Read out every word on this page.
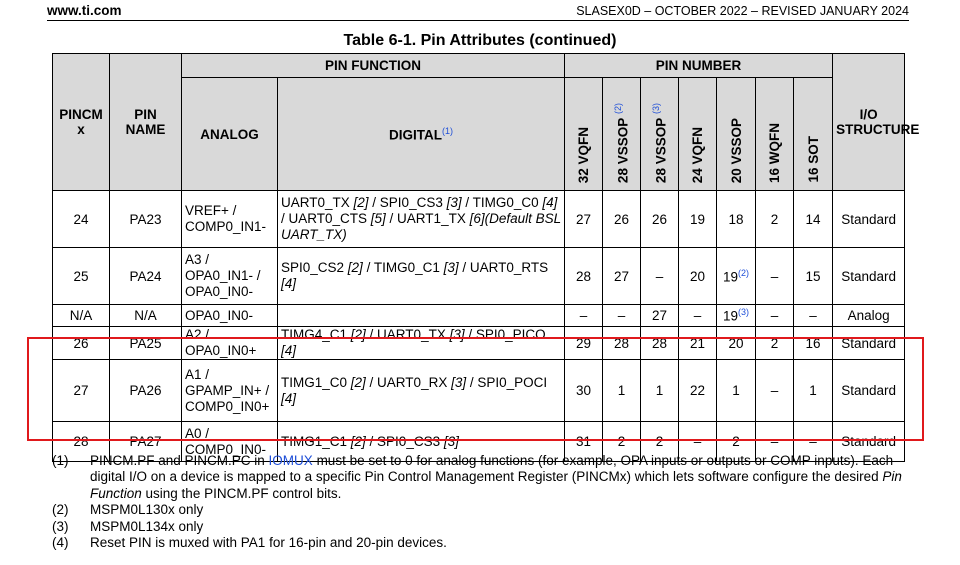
www.ti.com	SLASEX0D – OCTOBER 2022 – REVISED JANUARY 2024
Table 6-1. Pin Attributes (continued)
PINCM x	PIN NAME	PIN FUNCTION		PIN NUMBER							I/O STRUCTURE
		ANALOG	DIGITAL$^{(1)}$	32 VQFN	28 VSSOP $^{(2)}$	28 VSSOP $^{(3)}$	24 VQFN	20 VSSOP	16 WQFN	16 SOT	
24	PA23	VREF+ / COMP0_IN1-	UART0_TX [2] / SPI0_CS3 [3] / TIMG0_C0 [4] / UART0_CTS [5] / UART1_TX [6](Default BSL UART_TX)	27	26	26	19	18	2	14	Standard
25	PA24	A3 / OPA0_IN1- / OPA0_IN0-	SPI0_CS2 [2] / TIMG0_C1 [3] / UART0_RTS [4]	28	27	–	20	19$^{(2)}$	–	15	Standard
N/A	N/A	OPA0_IN0-		–	–	27	–	19$^{(3)}$	–	–	Analog
26	PA25	A2 / OPA0_IN0+	TIMG4_C1 [2] / UART0_TX [3] / SPI0_PICO [4]	29	28	28	21	20	2	16	Standard
27	PA26	A1 / GPAMP_IN+ / COMP0_IN0+	TIMG1_C0 [2] / UART0_RX [3] / SPI0_POCI [4]	30	1	1	22	1	–	1	Standard
28	PA27	A0 / COMP0_IN0-	TIMG1_C1 [2] / SPI0_CS3 [3]	31	2	2	–	2	–	–	Standard
(1)	PINCM.PF and PINCM.PC in IOMUX must be set to 0 for analog functions (for example, OPA inputs or outputs or COMP inputs). Each digital I/O on a device is mapped to a specific Pin Control Management Register (PINCMx) which lets software configure the desired Pin Function using the PINCM.PF control bits.
(2)	MSPM0L130x only
(3)	MSPM0L134x only
(4)	Reset PIN is muxed with PA1 for 16-pin and 20-pin devices.
